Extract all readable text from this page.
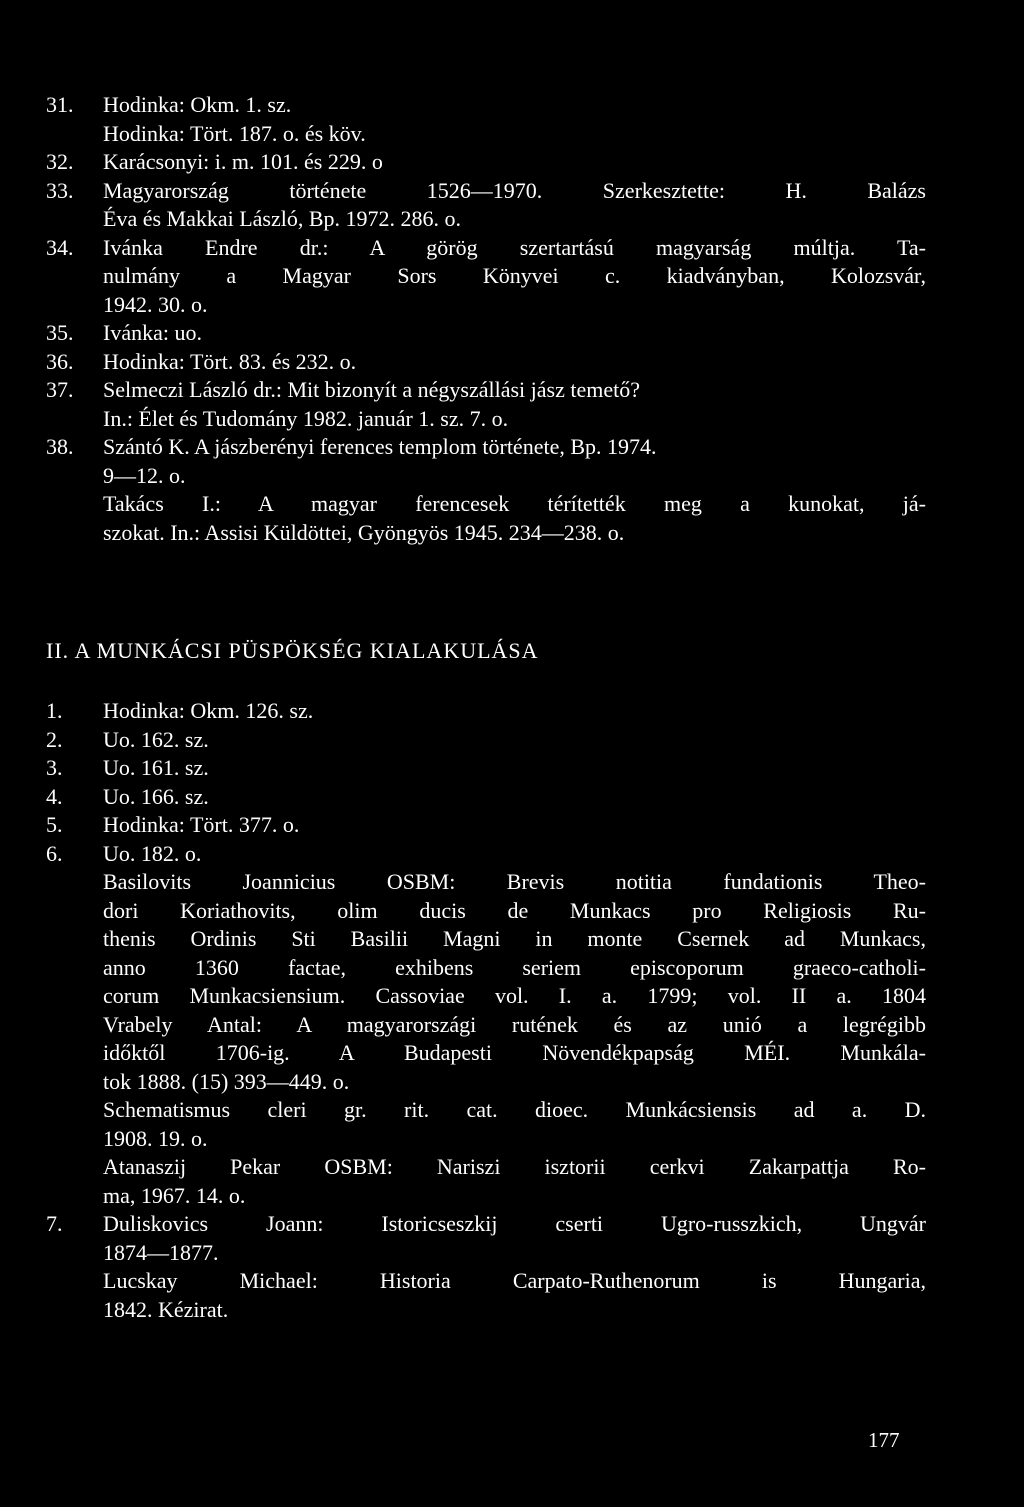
31.	Hodinka: Okm. 1. sz.
Hodinka: Tört. 187. o. és köv.
32.	Karácsonyi: i. m. 101. és 229. o
33.	Magyarország története 1526—1970. Szerkesztette: H. Balázs
Éva és Makkai László, Bp. 1972. 286. o.
34.	Ivánka Endre dr.: A görög szertartású magyarság múltja. Ta-
nulmány a Magyar Sors Könyvei c. kiadványban, Kolozsvár,
1942. 30. o.
35.	Ivánka: uo.
36.	Hodinka: Tört. 83. és 232. o.
37.	Selmeczi László dr.: Mit bizonyít a négyszállási jász temető?
In.: Élet és Tudomány 1982. január 1. sz. 7. o.
38.	Szántó K. A jászberényi ferences templom története, Bp. 1974.
9—12. o.
Takács I.: A magyar ferencesek térítették meg a kunokat, já-
szokat. In.: Assisi Küldöttei, Gyöngyös 1945. 234—238. o.
II. A MUNKÁCSI PÜSPÖKSÉG KIALAKULÁSA
1.	Hodinka: Okm. 126. sz.
2.	Uo. 162. sz.
3.	Uo. 161. sz.
4.	Uo. 166. sz.
5.	Hodinka: Tört. 377. o.
6.	Uo. 182. o.
Basilovits Joannicius OSBM: Brevis notitia fundationis Theo-
dori Koriathovits, olim ducis de Munkacs pro Religiosis Ru-
thenis Ordinis Sti Basilii Magni in monte Csernek ad Munkacs,
anno 1360 factae, exhibens seriem episcoporum graeco-catholi-
corum Munkacsiensium. Cassoviae vol. I. a. 1799; vol. II a. 1804
Vrabely Antal: A magyarországi rutének és az unió a legrégibb
időktől 1706-ig. A Budapesti Növendékpapság MÉI. Munkála-
tok 1888. (15) 393—449. o.
Schematismus cleri gr. rit. cat. dioec. Munkácsiensis ad a. D.
1908. 19. o.
Atanaszij Pekar OSBM: Nariszi isztorii cerkvi Zakarpattja Ro-
ma, 1967. 14. o.
7.	Duliskovics Joann: Istoricseszkij cserti Ugro-russzkich, Ungvár
1874—1877.
Lucskay Michael: Historia Carpato-Ruthenorum is Hungaria,
1842. Kézirat.
177
